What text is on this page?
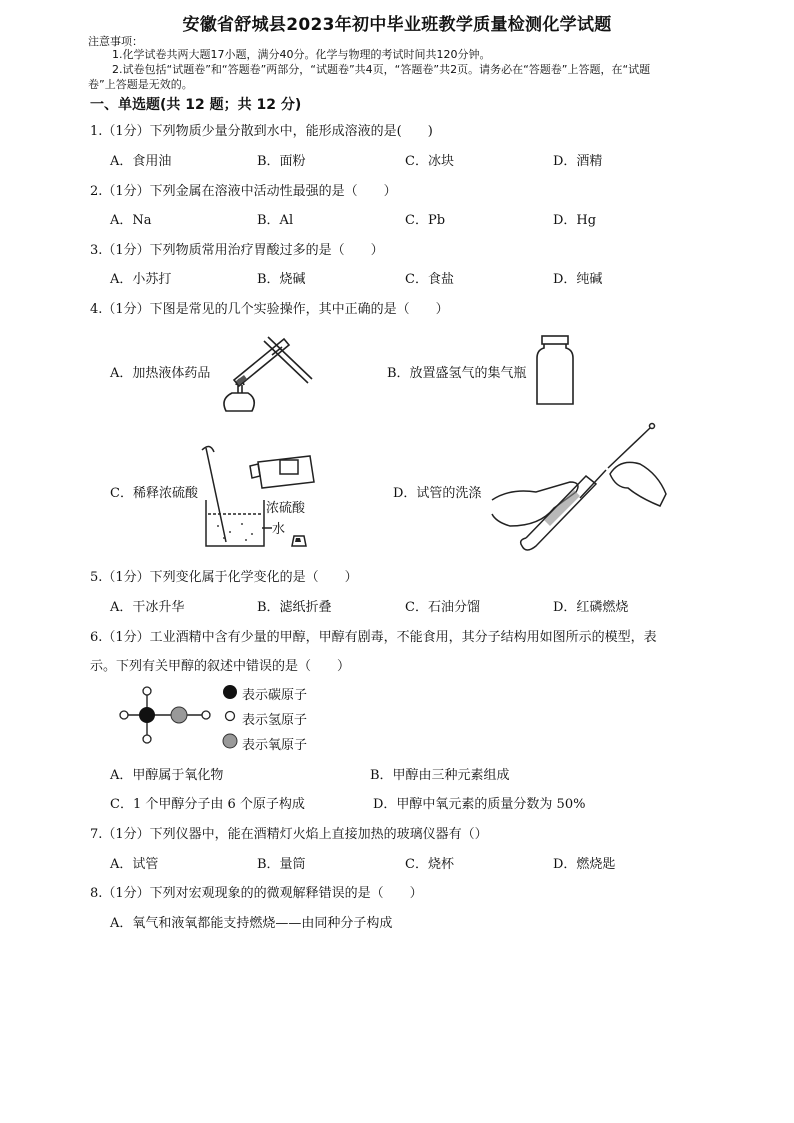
安徽省舒城县2023年初中毕业班教学质量检测化学试题
注意事项：
1.化学试卷共两大题17小题，满分40分。化学与物理的考试时间共120分钟。
2.试卷包括“试题卷”和“答题卷”两部分，“试题卷”共4页，“答题卷”共2页。请务必在“答题卷”上答题，在“试题
卷”上答题是无效的。
一、单选题(共 12 题；共 12 分)
1.（1分）下列物质少量分散到水中，能形成溶液的是(　　)
A．食用油	B．面粉	C．冰块	D．酒精
2.（1分）下列金属在溶液中活动性最强的是（　　）
A．Na	B．Al	C．Pb	D．Hg
3.（1分）下列物质常用治疗胃酸过多的是（　　）
A．小苏打	B．烧碱	C．食盐	D．纯碱
4.（1分）下图是常见的几个实验操作，其中正确的是（　　）
A．加热液体药品	B．放置盛氢气的集气瓶
C．稀释浓硫酸	D．试管的洗涤
浓硫酸
水
5.（1分）下列变化属于化学变化的是（　　）
A．干冰升华	B．滤纸折叠	C．石油分馏	D．红磷燃烧
6.（1分）工业酒精中含有少量的甲醇，甲醇有剧毒，不能食用，其分子结构用如图所示的模型，表
示。下列有关甲醇的叙述中错误的是（　　）
表示碳原子
表示氢原子
表示氧原子
A．甲醇属于氧化物	B．甲醇由三种元素组成
C．1 个甲醇分子由 6 个原子构成	D．甲醇中氧元素的质量分数为 50%
7.（1分）下列仪器中，能在酒精灯火焰上直接加热的玻璃仪器有（）
A．试管	B．量筒	C．烧杯	D．燃烧匙
8.（1分）下列对宏观现象的的微观解释错误的是（　　）
A．氧气和液氧都能支持燃烧——由同种分子构成
